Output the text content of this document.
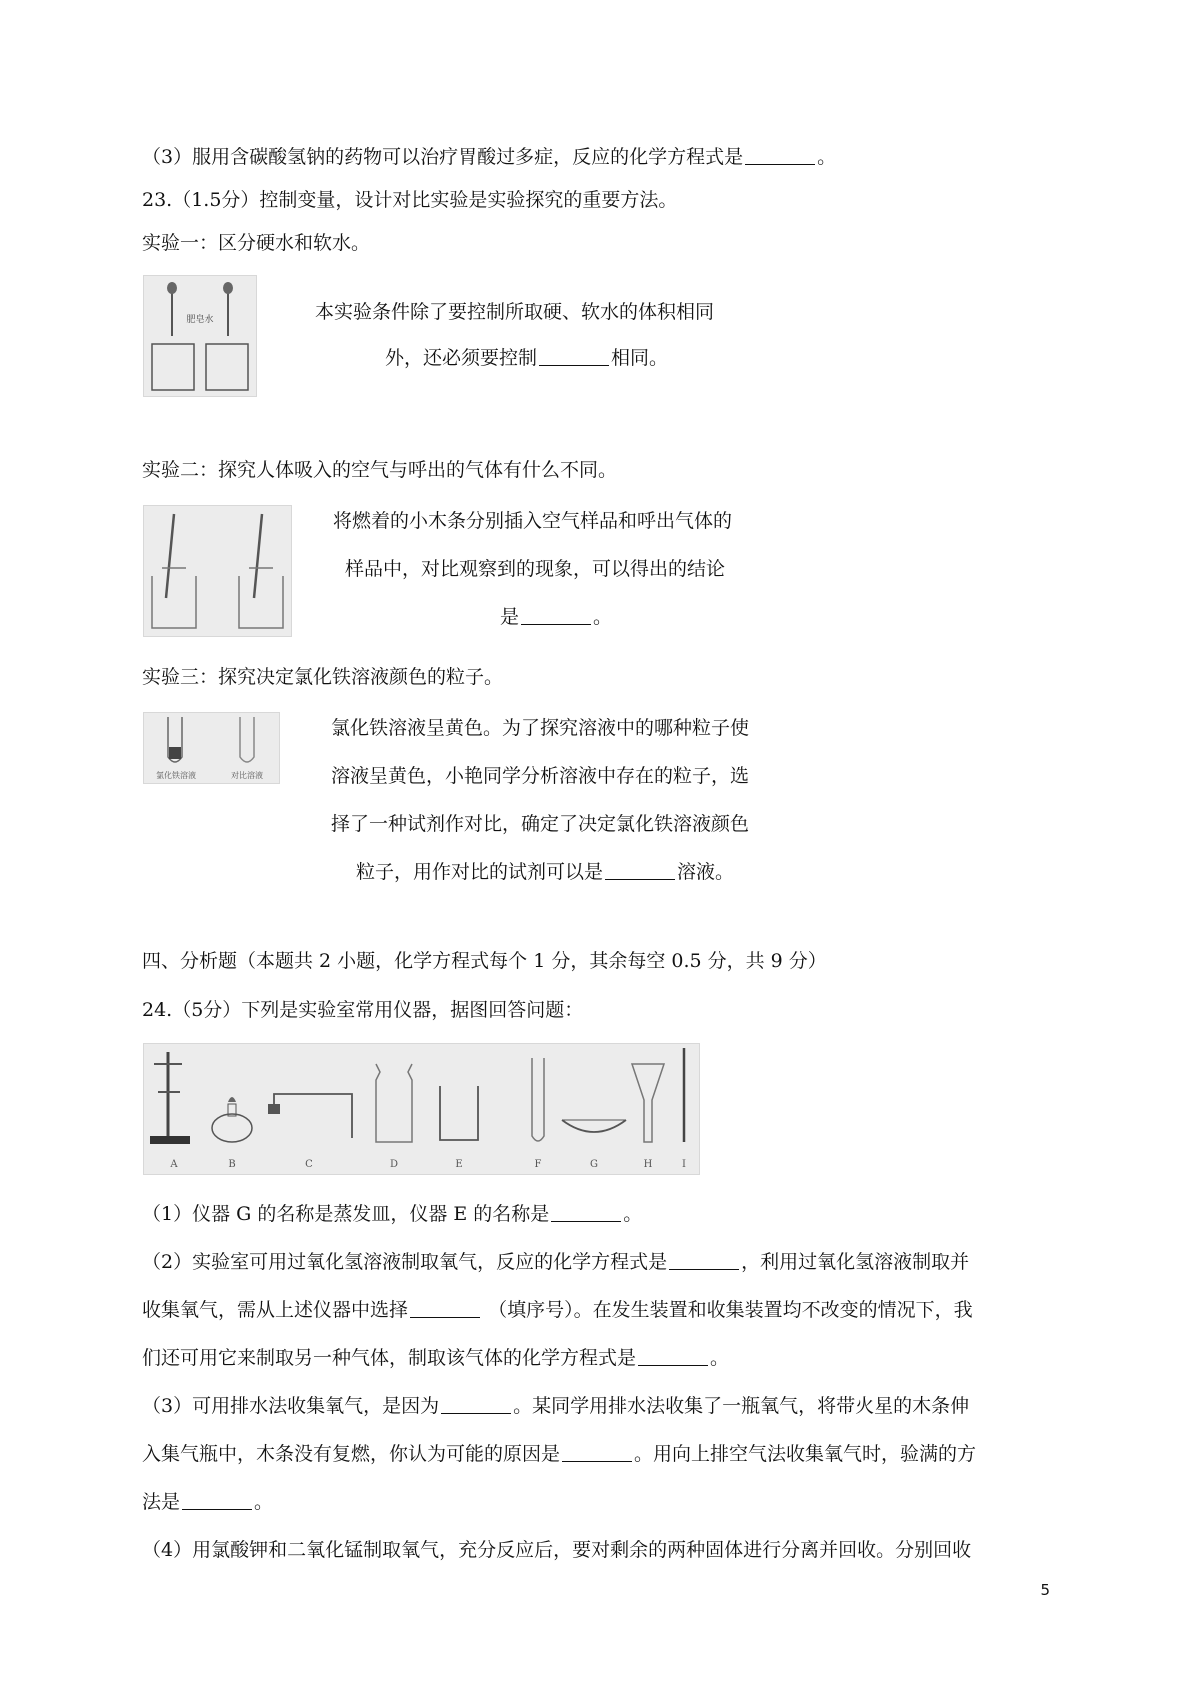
（3）服用含碳酸氢钠的药物可以治疗胃酸过多症，反应的化学方程式是	。
23.（1.5分）控制变量，设计对比实验是实验探究的重要方法。
实验一：区分硬水和软水。
肥皂水	本实验条件除了要控制所取硬、软水的体积相同
外，还必须要控制	相同。
实验二：探究人体吸入的空气与呼出的气体有什么不同。
将燃着的小木条分别插入空气样品和呼出气体的
样品中，对比观察到的现象，可以得出的结论
是	。
实验三：探究决定氯化铁溶液颜色的粒子。
氯化铁溶液	对比溶液
氯化铁溶液呈黄色。为了探究溶液中的哪种粒子使
溶液呈黄色，小艳同学分析溶液中存在的粒子，选
择了一种试剂作对比，确定了决定氯化铁溶液颜色
粒子，用作对比的试剂可以是	溶液。
四、分析题（本题共 2 小题，化学方程式每个 1 分，其余每空 0.5 分，共 9 分）
24.（5分）下列是实验室常用仪器，据图回答问题：
A	B	C	D	E	F	G	H	I
（1）仪器 G 的名称是蒸发皿，仪器 E 的名称是	。
（2）实验室可用过氧化氢溶液制取氧气，反应的化学方程式是	，利用过氧化氢溶液制取并
收集氧气，需从上述仪器中选择	（填序号）。在发生装置和收集装置均不改变的情况下，我
们还可用它来制取另一种气体，制取该气体的化学方程式是	。
（3）可用排水法收集氧气，是因为	。某同学用排水法收集了一瓶氧气，将带火星的木条伸
入集气瓶中，木条没有复燃，你认为可能的原因是	。用向上排空气法收集氧气时，验满的方
法是	。
（4）用氯酸钾和二氧化锰制取氧气，充分反应后，要对剩余的两种固体进行分离并回收。分别回收
5
